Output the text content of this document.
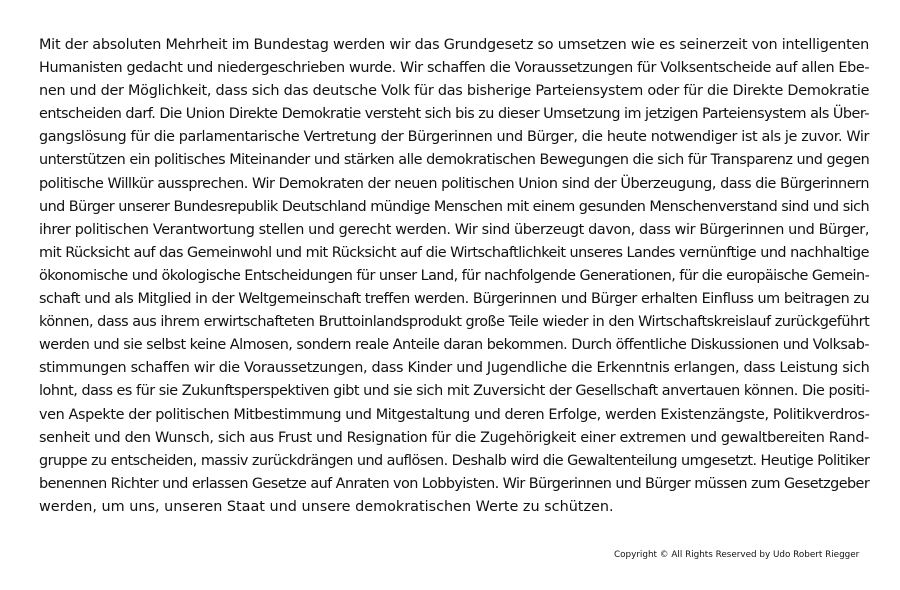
Mit der absoluten Mehrheit im Bundestag werden wir das Grundgesetz so umsetzen wie es seinerzeit von intelligenten
Humanisten gedacht und niedergeschrieben wurde. Wir schaffen die Voraussetzungen für Volksentscheide auf allen Ebe-
nen und der Möglichkeit, dass sich das deutsche Volk für das bisherige Parteiensystem oder für die Direkte Demokratie
entscheiden darf. Die Union Direkte Demokratie versteht sich bis zu dieser Umsetzung im jetzigen Parteiensystem als Über-
gangslösung für die parlamentarische Vertretung der Bürgerinnen und Bürger, die heute notwendiger ist als je zuvor. Wir
unterstützen ein politisches Miteinander und stärken alle demokratischen Bewegungen die sich für Transparenz und gegen
politische Willkür aussprechen. Wir Demokraten der neuen politischen Union sind der Überzeugung, dass die Bürgerinnern
und Bürger unserer Bundesrepublik Deutschland mündige Menschen mit einem gesunden Menschenverstand sind und sich
ihrer politischen Verantwortung stellen und gerecht werden. Wir sind überzeugt davon, dass wir Bürgerinnen und Bürger,
mit Rücksicht auf das Gemeinwohl und mit Rücksicht auf die Wirtschaftlichkeit unseres Landes vernünftige und nachhaltige
ökonomische und ökologische Entscheidungen für unser Land, für nachfolgende Generationen, für die europäische Gemein-
schaft und als Mitglied in der Weltgemeinschaft treffen werden. Bürgerinnen und Bürger erhalten Einfluss um beitragen zu
können, dass aus ihrem erwirtschafteten Bruttoinlandsprodukt große Teile wieder in den Wirtschaftskreislauf zurückgeführt
werden und sie selbst keine Almosen, sondern reale Anteile daran bekommen. Durch öffentliche Diskussionen und Volksab-
stimmungen schaffen wir die Voraussetzungen, dass Kinder und Jugendliche die Erkenntnis erlangen, dass Leistung sich
lohnt, dass es für sie Zukunftsperspektiven gibt und sie sich mit Zuversicht der Gesellschaft anvertauen können. Die positi-
ven Aspekte der politischen Mitbestimmung und Mitgestaltung und deren Erfolge, werden Existenzängste, Politikverdros-
senheit und den Wunsch, sich aus Frust und Resignation für die Zugehörigkeit einer extremen und gewaltbereiten Rand-
gruppe zu entscheiden, massiv zurückdrängen und auflösen. Deshalb wird die Gewaltenteilung umgesetzt. Heutige Politiker
benennen Richter und erlassen Gesetze auf Anraten von Lobbyisten. Wir Bürgerinnen und Bürger müssen zum Gesetzgeber
werden, um uns, unseren Staat und unsere demokratischen Werte zu schützen.
Copyright © All Rights Reserved by Udo Robert Riegger
